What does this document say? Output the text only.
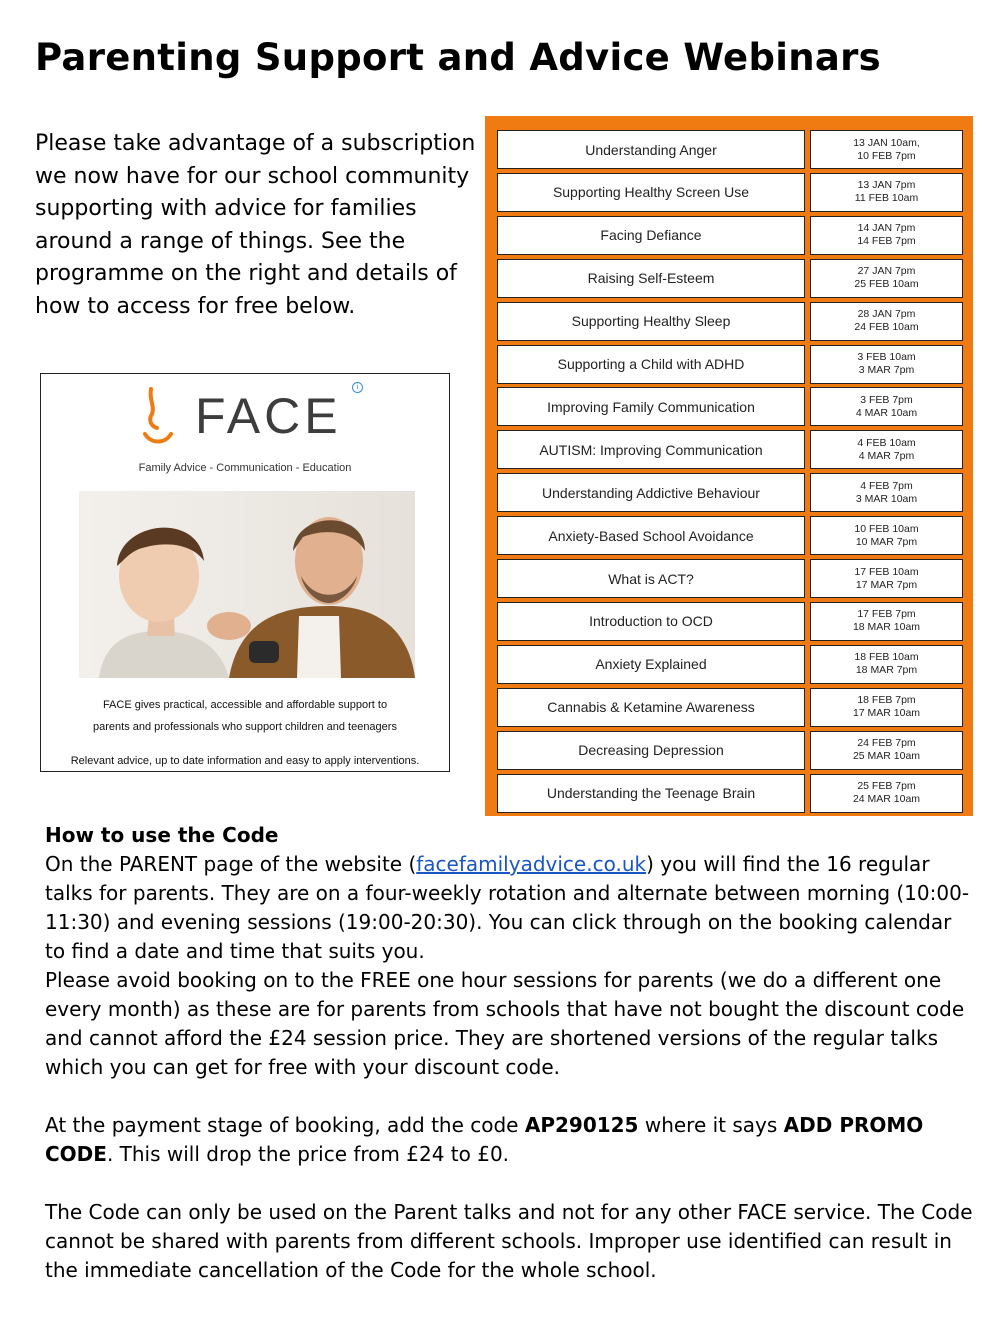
Parenting Support and Advice Webinars

Please take advantage of a subscription we now have for our school community supporting with advice for families around a range of things. See the programme on the right and details of how to access for free below.

FACE
i
Family Advice - Communication - Education
FACE gives practical, accessible and affordable support to
parents and professionals who support children and teenagers
Relevant advice, up to date information and easy to apply interventions.
Understanding Anger	13 JAN 10am,
10 FEB 7pm
Supporting Healthy Screen Use	13 JAN 7pm
11 FEB 10am
Facing Defiance	14 JAN 7pm
14 FEB 7pm
Raising Self-Esteem	27 JAN 7pm
25 FEB 10am
Supporting Healthy Sleep	28 JAN 7pm
24 FEB 10am
Supporting a Child with ADHD	3 FEB 10am
3 MAR 7pm
Improving Family Communication	3 FEB 7pm
4 MAR 10am
AUTISM: Improving Communication	4 FEB 10am
4 MAR 7pm
Understanding Addictive Behaviour	4 FEB 7pm
3 MAR 10am
Anxiety-Based School Avoidance	10 FEB 10am
10 MAR 7pm
What is ACT?	17 FEB 10am
17 MAR 7pm
Introduction to OCD	17 FEB 7pm
18 MAR 10am
Anxiety Explained	18 FEB 10am
18 MAR 7pm
Cannabis & Ketamine Awareness	18 FEB 7pm
17 MAR 10am
Decreasing Depression	24 FEB 7pm
25 MAR 10am
Understanding the Teenage Brain	25 FEB 7pm
24 MAR 10am

How to use the Code

On the PARENT page of the website (facefamilyadvice.co.uk) you will find the 16 regular talks for parents. They are on a four-weekly rotation and alternate between morning (10:00-11:30) and evening sessions (19:00-20:30). You can click through on the booking calendar to find a date and time that suits you.

Please avoid booking on to the FREE one hour sessions for parents (we do a different one every month) as these are for parents from schools that have not bought the discount code and cannot afford the £24 session price. They are shortened versions of the regular talks which you can get for free with your discount code.

At the payment stage of booking, add the code AP290125 where it says ADD PROMO CODE. This will drop the price from £24 to £0.

The Code can only be used on the Parent talks and not for any other FACE service. The Code cannot be shared with parents from different schools. Improper use identified can result in the immediate cancellation of the Code for the whole school.
